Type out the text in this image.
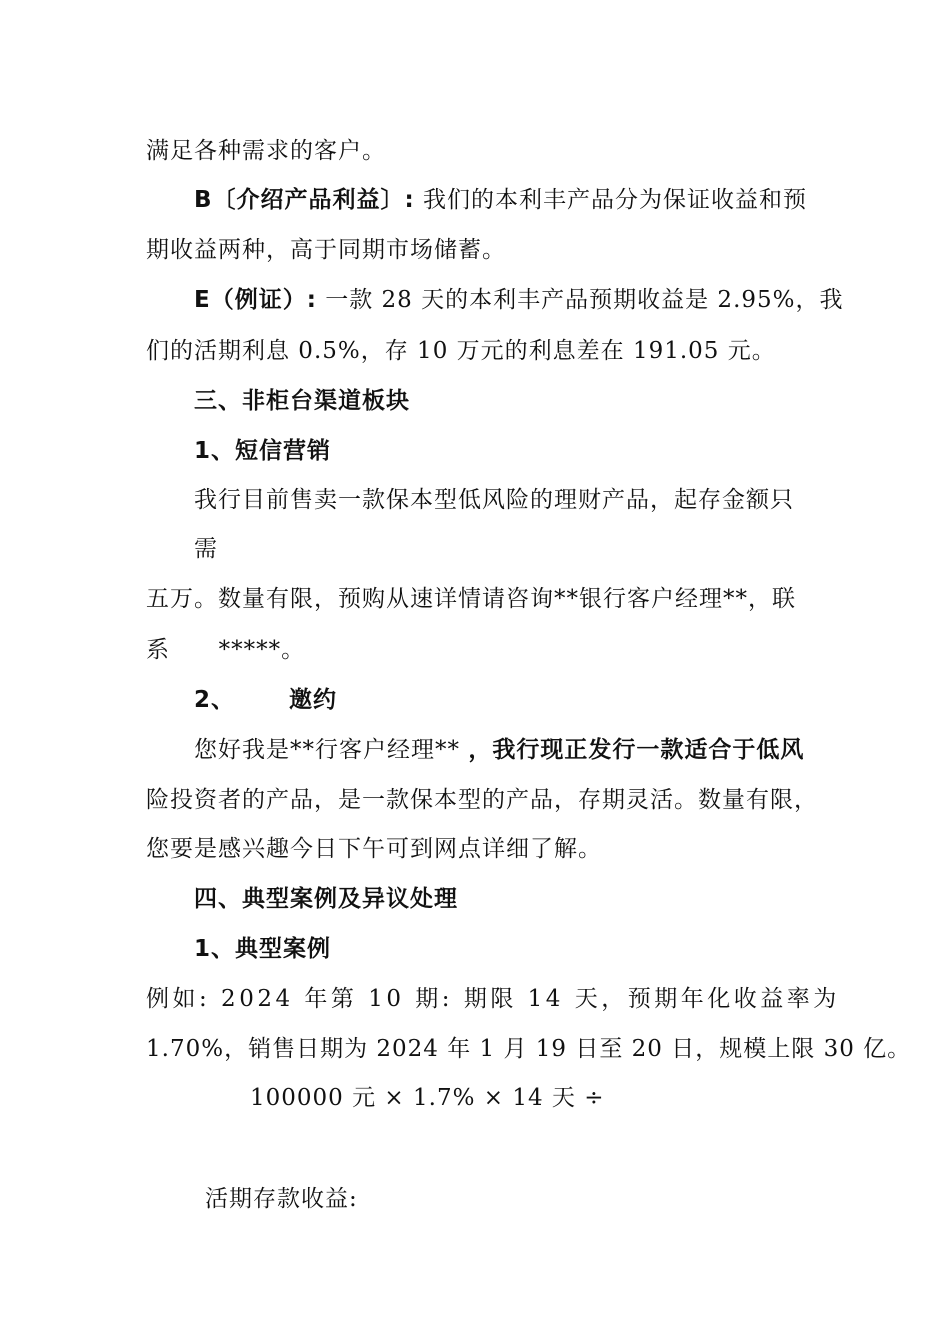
满足各种需求的客户。
B〔介绍产品利益〕: 我们的本利丰产品分为保证收益和预
期收益两种，高于同期市场储蓄。
E（例证）: 一款 28 天的本利丰产品预期收益是 2.95%，我
们的活期利息 0.5%，存 10 万元的利息差在 191.05 元。
三、非柜台渠道板块
1、短信营销
我行目前售卖一款保本型低风险的理财产品，起存金额只
需
五万。数量有限，预购从速详情请咨询**银行客户经理**，联
系 *****。
2、 邀约
您好我是**行客户经理** ，我行现正发行一款适合于低风
险投资者的产品，是一款保本型的产品，存期灵活。数量有限，
您要是感兴趣今日下午可到网点详细了解。
四、典型案例及异议处理
1、典型案例
例如: 2024 年第 10 期: 期限 14 天，预期年化收益率为
1.70%，销售日期为 2024 年 1 月 19 日至 20 日，规模上限 30 亿。
100000 元 × 1.7% × 14 天 ÷
活期存款收益:
